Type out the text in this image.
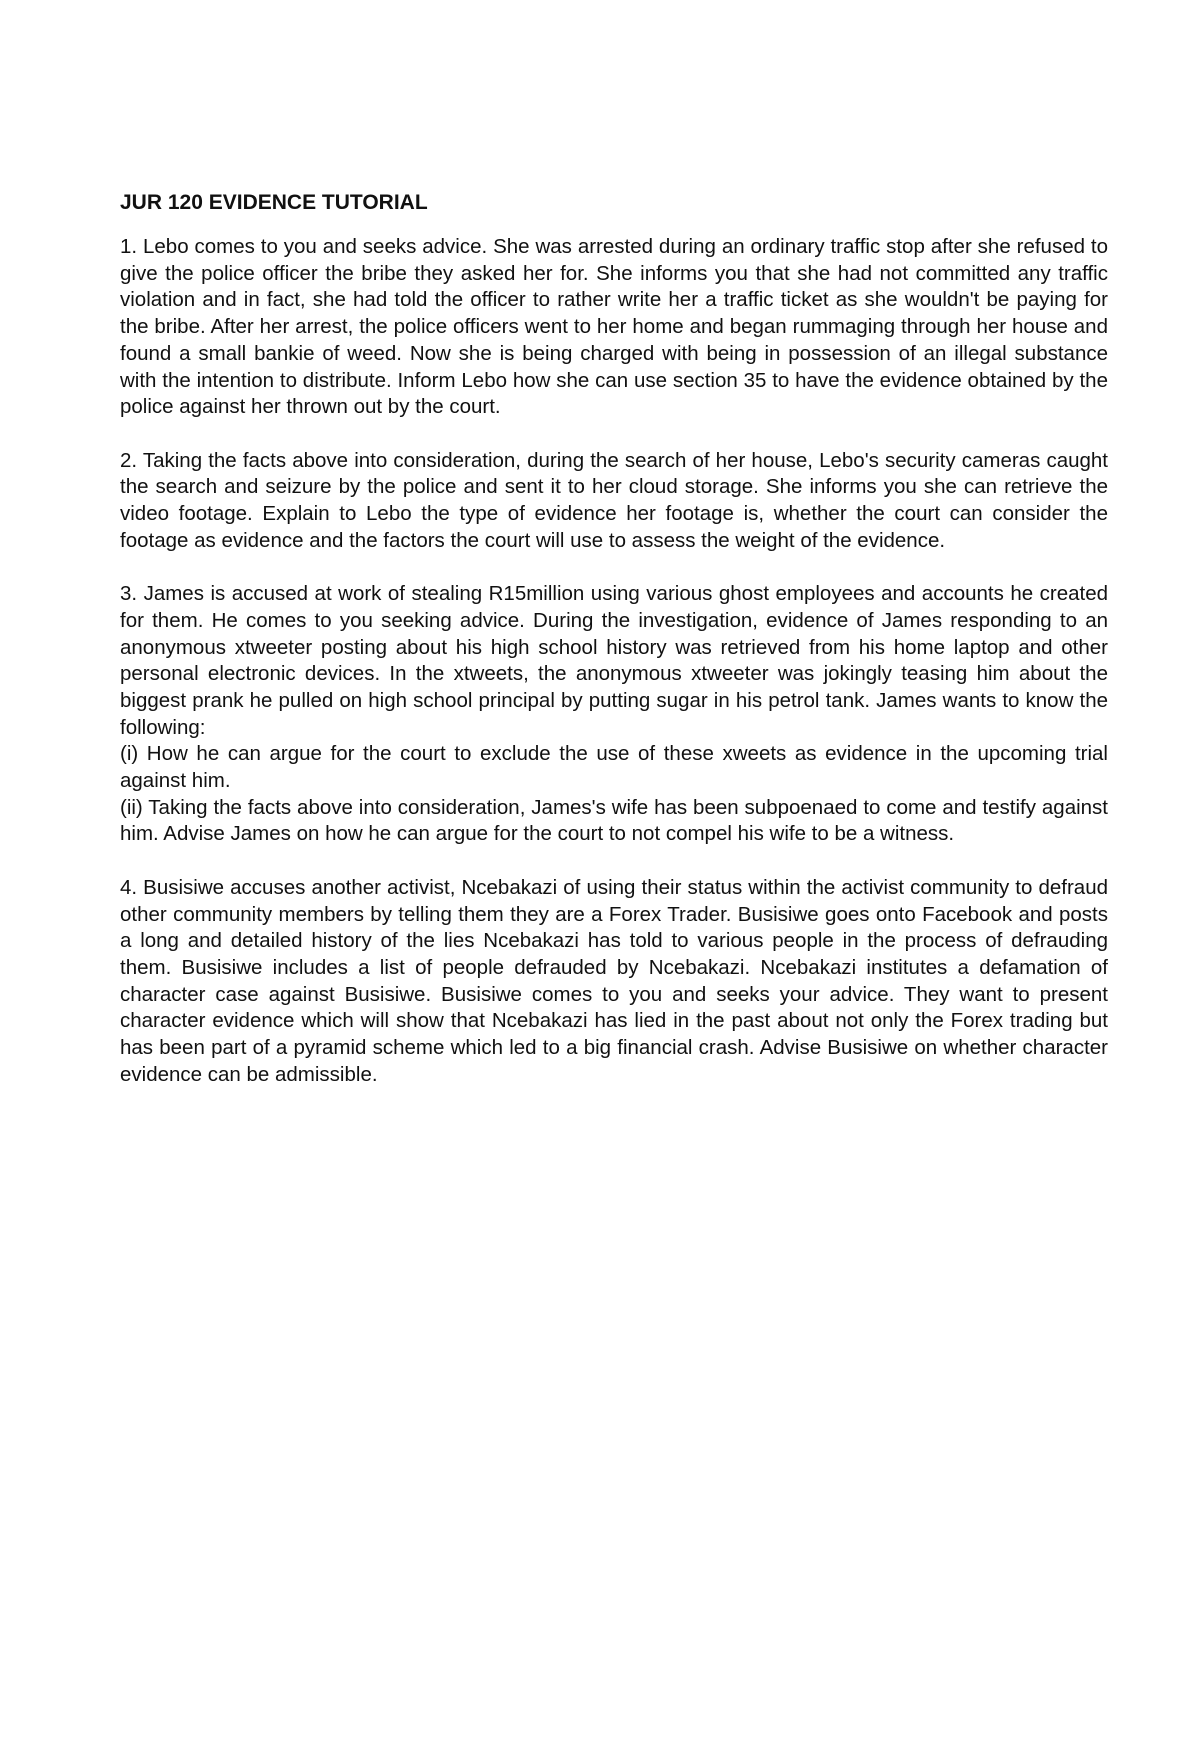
JUR 120 EVIDENCE TUTORIAL
1. Lebo comes to you and seeks advice. She was arrested during an ordinary traffic stop after she refused to give the police officer the bribe they asked her for. She informs you that she had not committed any traffic violation and in fact, she had told the officer to rather write her a traffic ticket as she wouldn't be paying for the bribe. After her arrest, the police officers went to her home and began rummaging through her house and found a small bankie of weed. Now she is being charged with being in possession of an illegal substance with the intention to distribute. Inform Lebo how she can use section 35 to have the evidence obtained by the police against her thrown out by the court.
2. Taking the facts above into consideration, during the search of her house, Lebo's security cameras caught the search and seizure by the police and sent it to her cloud storage. She informs you she can retrieve the video footage. Explain to Lebo the type of evidence her footage is, whether the court can consider the footage as evidence and the factors the court will use to assess the weight of the evidence.
3. James is accused at work of stealing R15million using various ghost employees and accounts he created for them. He comes to you seeking advice. During the investigation, evidence of James responding to an anonymous xtweeter posting about his high school history was retrieved from his home laptop and other personal electronic devices. In the xtweets, the anonymous xtweeter was jokingly teasing him about the biggest prank he pulled on high school principal by putting sugar in his petrol tank. James wants to know the following:
(i) How he can argue for the court to exclude the use of these xweets as evidence in the upcoming trial against him.
(ii) Taking the facts above into consideration, James's wife has been subpoenaed to come and testify against him. Advise James on how he can argue for the court to not compel his wife to be a witness.
4. Busisiwe accuses another activist, Ncebakazi of using their status within the activist community to defraud other community members by telling them they are a Forex Trader. Busisiwe goes onto Facebook and posts a long and detailed history of the lies Ncebakazi has told to various people in the process of defrauding them. Busisiwe includes a list of people defrauded by Ncebakazi. Ncebakazi institutes a defamation of character case against Busisiwe. Busisiwe comes to you and seeks your advice. They want to present character evidence which will show that Ncebakazi has lied in the past about not only the Forex trading but has been part of a pyramid scheme which led to a big financial crash. Advise Busisiwe on whether character evidence can be admissible.
